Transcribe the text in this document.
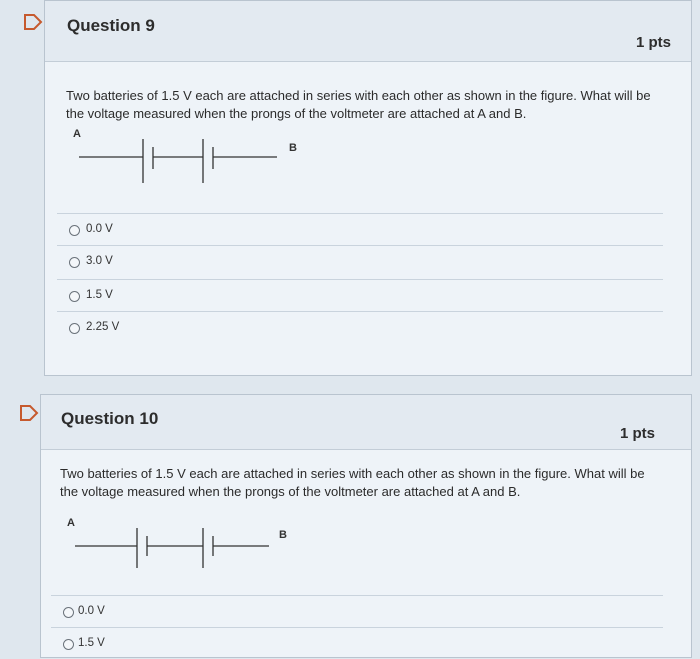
Question 9
1 pts
Two batteries of 1.5 V each are attached in series with each other as shown in the figure. What will be the voltage measured when the prongs of the voltmeter are attached at A and B.
A
B
0.0 V
3.0 V
1.5 V
2.25 V
Question 10
1 pts
Two batteries of 1.5 V each are attached in series with each other as shown in the figure. What will be the voltage measured when the prongs of the voltmeter are attached at A and B.
A
B
0.0 V
1.5 V
